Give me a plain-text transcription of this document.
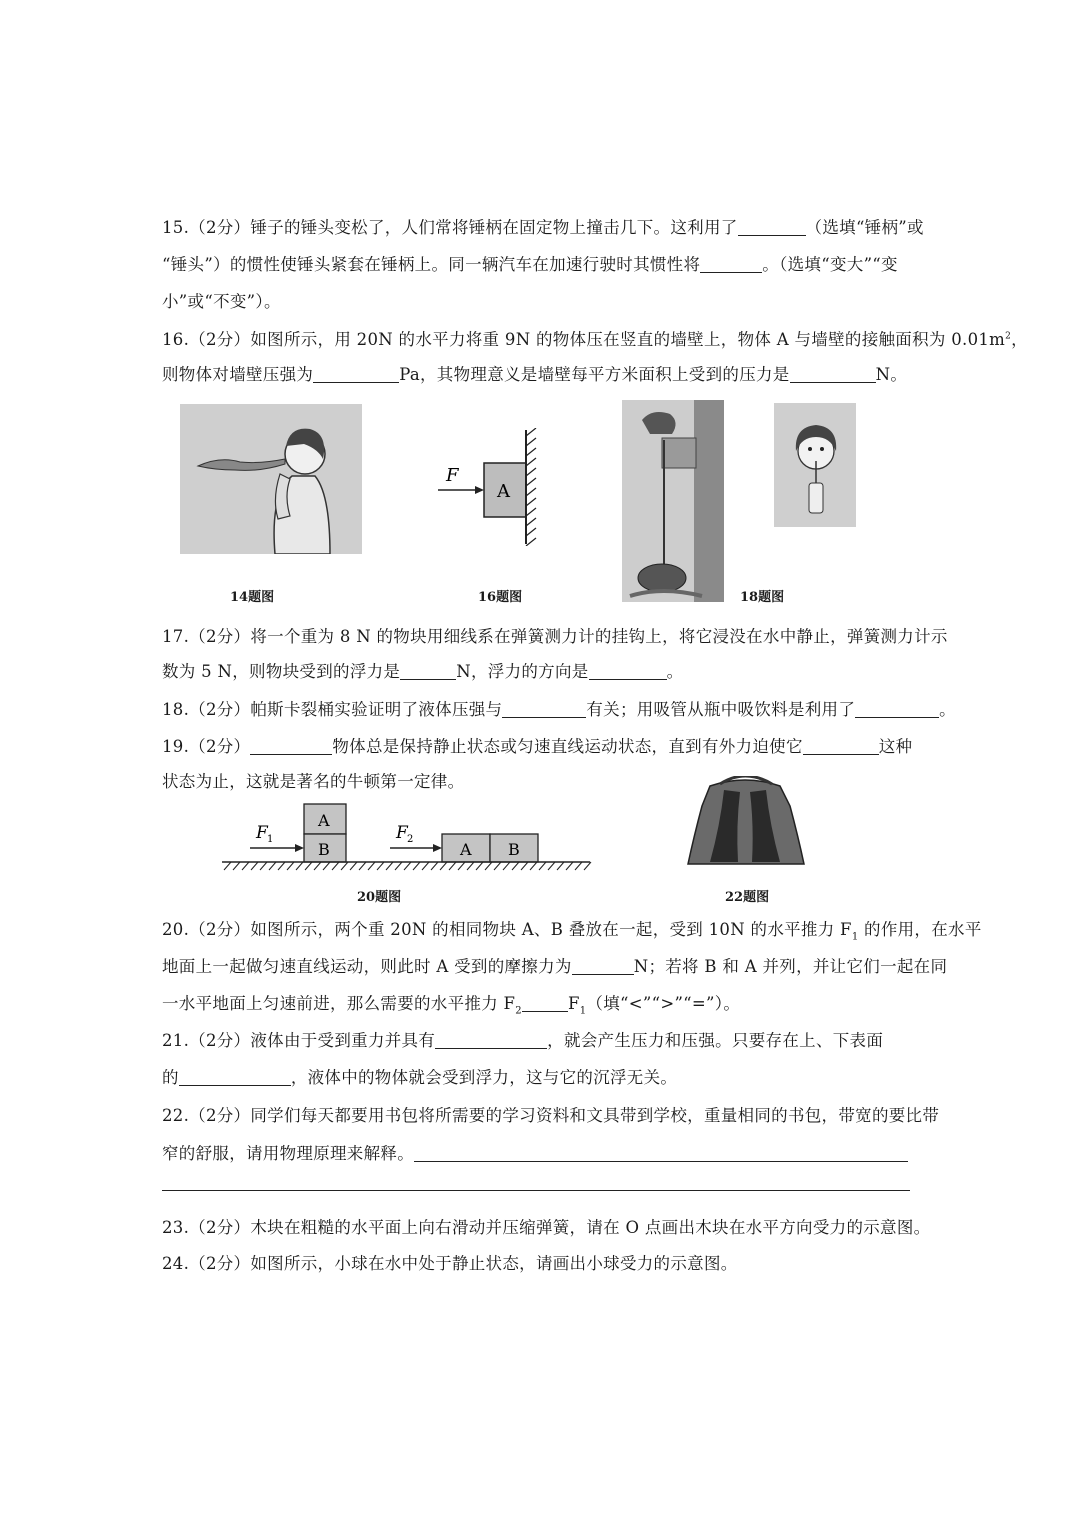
15.（2分）锤子的锤头变松了，人们常将锤柄在固定物上撞击几下。这利用了	（选填“锤柄”或
“锤头”）的惯性使锤头紧套在锤柄上。同一辆汽车在加速行驶时其惯性将	。（选填“变大”“变
小”或“不变”）。
16.（2分）如图所示，用 20N 的水平力将重 9N 的物体压在竖直的墙壁上，物体 A 与墙壁的接触面积为 $0.01m^2$，
则物体对墙壁压强为	Pa，其物理意义是墙壁每平方米面积上受到的压力是	N。
14题图
F
A
16题图	18题图
17.（2分）将一个重为 8 N 的物块用细线系在弹簧测力计的挂钩上，将它浸没在水中静止，弹簧测力计示
数为 5 N，则物块受到的浮力是	N，浮力的方向是	。
18.（2分）帕斯卡裂桶实验证明了液体压强与	有关；用吸管从瓶中吸饮料是利用了	。
19.（2分）	物体总是保持静止状态或匀速直线运动状态，直到有外力迫使它	这种
状态为止，这就是著名的牛顿第一定律。
F 1
A
B
F 2
A B
20题图	22题图
20.（2分）如图所示，两个重 20N 的相同物块 A、B 叠放在一起，受到 10N 的水平推力 $F_1$ 的作用，在水平
地面上一起做匀速直线运动，则此时 A 受到的摩擦力为	N；若将 B 和 A 并列，并让它们一起在同
一水平地面上匀速前进，那么需要的水平推力 $F_2$	$F_1$（填“<”“>”“=”）。
21.（2分）液体由于受到重力并具有	，就会产生压力和压强。只要存在上、下表面
的	，液体中的物体就会受到浮力，这与它的沉浮无关。
22.（2分）同学们每天都要用书包将所需要的学习资料和文具带到学校，重量相同的书包，带宽的要比带
窄的舒服，请用物理原理来解释。
23.（2分）木块在粗糙的水平面上向右滑动并压缩弹簧，请在 O 点画出木块在水平方向受力的示意图。
24.（2分）如图所示，小球在水中处于静止状态，请画出小球受力的示意图。
